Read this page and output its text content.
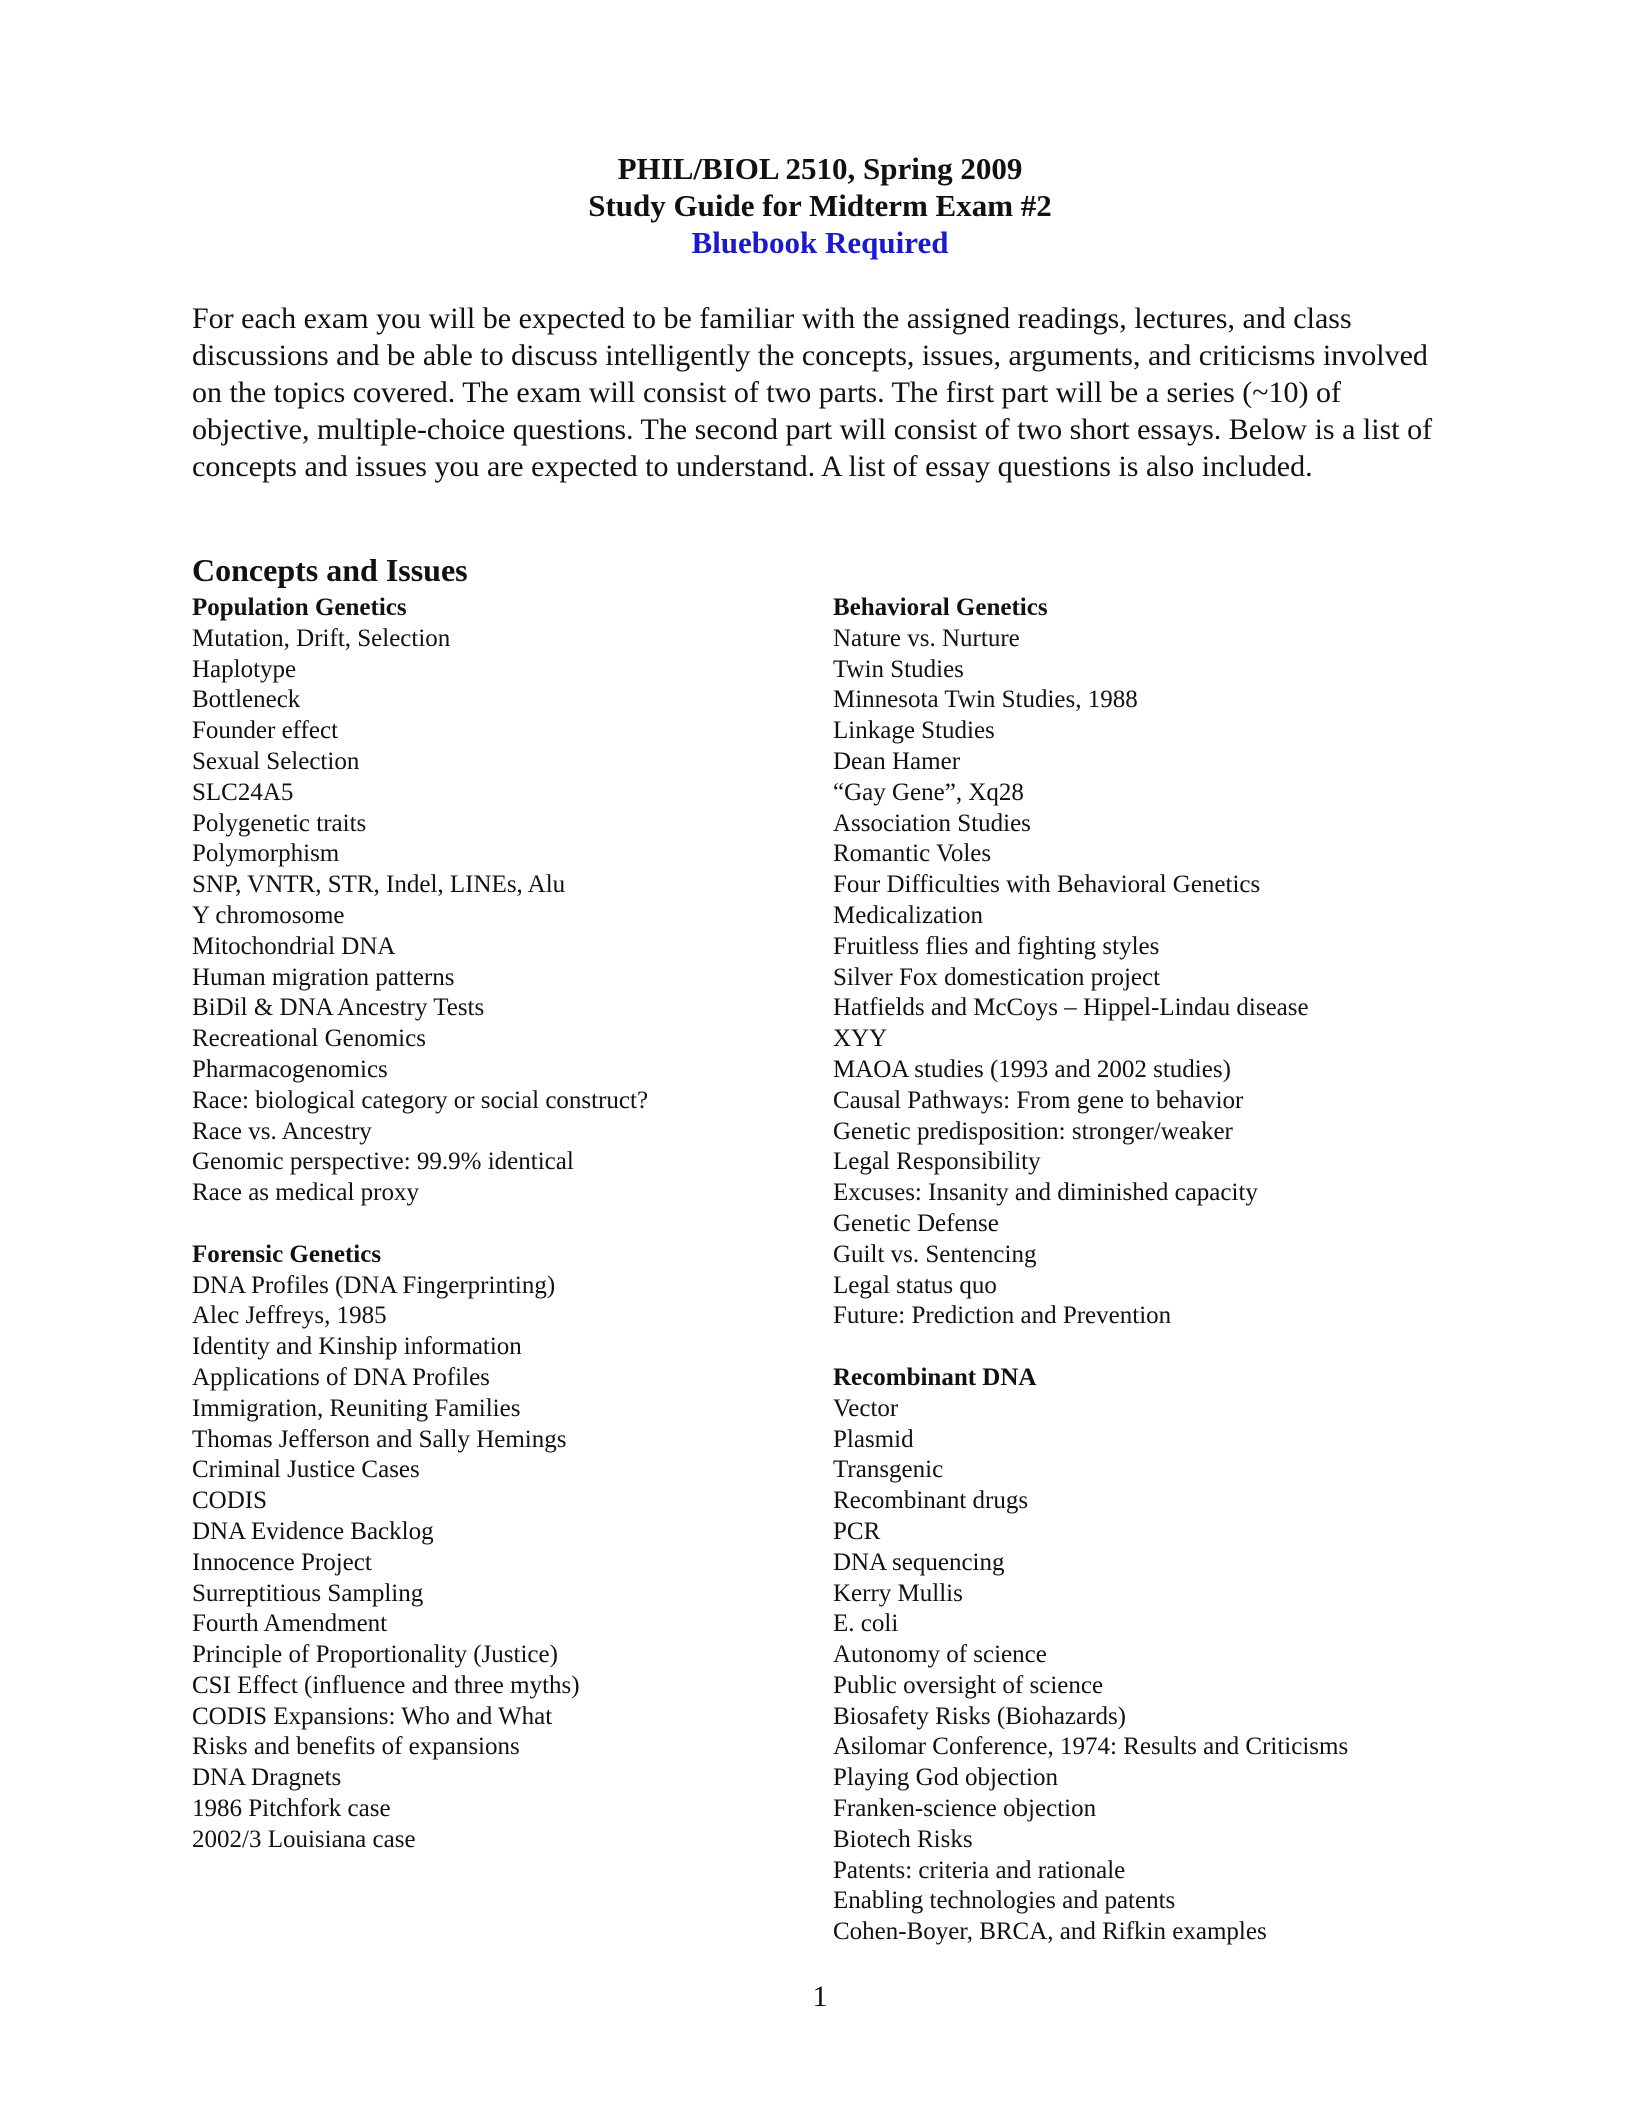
PHIL/BIOL 2510, Spring 2009
Study Guide for Midterm Exam #2
Bluebook Required

For each exam you will be expected to be familiar with the assigned readings, lectures, and class discussions and be able to discuss intelligently the concepts, issues, arguments, and criticisms involved on the topics covered. The exam will consist of two parts. The first part will be a series (~10) of objective, multiple-choice questions. The second part will consist of two short essays. Below is a list of concepts and issues you are expected to understand. A list of essay questions is also included.

Concepts and Issues
Population Genetics
Mutation, Drift, Selection
Haplotype
Bottleneck
Founder effect
Sexual Selection
SLC24A5
Polygenetic traits
Polymorphism
SNP, VNTR, STR, Indel, LINEs, Alu
Y chromosome
Mitochondrial DNA
Human migration patterns
BiDil & DNA Ancestry Tests
Recreational Genomics
Pharmacogenomics
Race: biological category or social construct?
Race vs. Ancestry
Genomic perspective: 99.9% identical
Race as medical proxy
Forensic Genetics
DNA Profiles (DNA Fingerprinting)
Alec Jeffreys, 1985
Identity and Kinship information
Applications of DNA Profiles
Immigration, Reuniting Families
Thomas Jefferson and Sally Hemings
Criminal Justice Cases
CODIS
DNA Evidence Backlog
Innocence Project
Surreptitious Sampling
Fourth Amendment
Principle of Proportionality (Justice)
CSI Effect (influence and three myths)
CODIS Expansions: Who and What
Risks and benefits of expansions
DNA Dragnets
1986 Pitchfork case
2002/3 Louisiana case
Behavioral Genetics
Nature vs. Nurture
Twin Studies
Minnesota Twin Studies, 1988
Linkage Studies
Dean Hamer
“Gay Gene”, Xq28
Association Studies
Romantic Voles
Four Difficulties with Behavioral Genetics
Medicalization
Fruitless flies and fighting styles
Silver Fox domestication project
Hatfields and McCoys – Hippel-Lindau disease
XYY
MAOA studies (1993 and 2002 studies)
Causal Pathways: From gene to behavior
Genetic predisposition: stronger/weaker
Legal Responsibility
Excuses: Insanity and diminished capacity
Genetic Defense
Guilt vs. Sentencing
Legal status quo
Future: Prediction and Prevention
Recombinant DNA
Vector
Plasmid
Transgenic
Recombinant drugs
PCR
DNA sequencing
Kerry Mullis
E. coli
Autonomy of science
Public oversight of science
Biosafety Risks (Biohazards)
Asilomar Conference, 1974: Results and Criticisms
Playing God objection
Franken-science objection
Biotech Risks
Patents: criteria and rationale
Enabling technologies and patents
Cohen-Boyer, BRCA, and Rifkin examples
1
